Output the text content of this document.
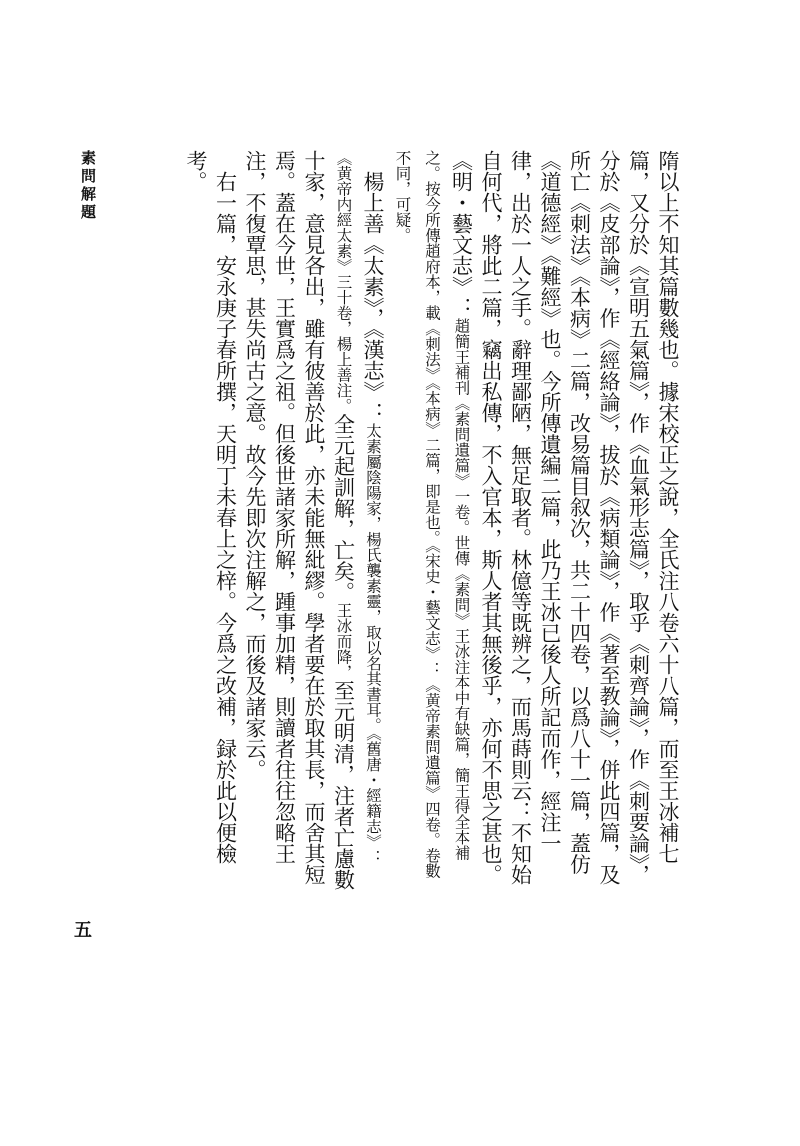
素問解題
五

隋以上不知其篇數幾也。據宋校正之說，全氏注八卷六十八篇，而至王冰補七篇，又分於《宣明五氣篇》，作《血氣形志篇》，取乎《刺齊論》，作《刺要論》，分於《皮部論》，作《經絡論》，拔於《病類論》，作《著至教論》，併此四篇，及所亡《刺法》《本病》二篇，改易篇目叙次，共二十四卷，以爲八十一篇，蓋仿《道德經》《難經》也。今所傳遺編二篇，此乃王冰已後人所記而作，經注一律，出於一人之手。辭理鄙陋，無足取者。林億等既辨之，而馬蒔則云：不知始自何代，將此二篇，竊出私傳，不入官本，斯人者其無後乎，亦何不思之甚也。《明・藝文志》：趙簡王補刊《素問遺篇》一卷。世傳《素問》王冰注本中有缺篇，簡王得全本補之。按今所傳趙府本，載《刺法》《本病》二篇，即是也。《宋史・藝文志》：《黄帝素問遺篇》四卷。卷數不同，可疑。

楊上善《太素》，《漢志》：太素屬陰陽家，楊氏襲素靈，取以名其書耳。《舊唐・經籍志》：《黄帝内經太素》三十卷，楊上善注。全元起訓解，亡矣。王冰而降，至元明清，注者亡慮數十家，意見各出，雖有彼善於此，亦未能無紕繆。學者要在於取其長，而舍其短焉。蓋在今世，王實爲之祖。但後世諸家所解，踵事加精，則讀者往往忽略王注，不復覃思，甚失尚古之意。故今先即次注解之，而後及諸家云。

右一篇，安永庚子春所撰，天明丁未春上之梓。今爲之改補，録於此以便檢考。
